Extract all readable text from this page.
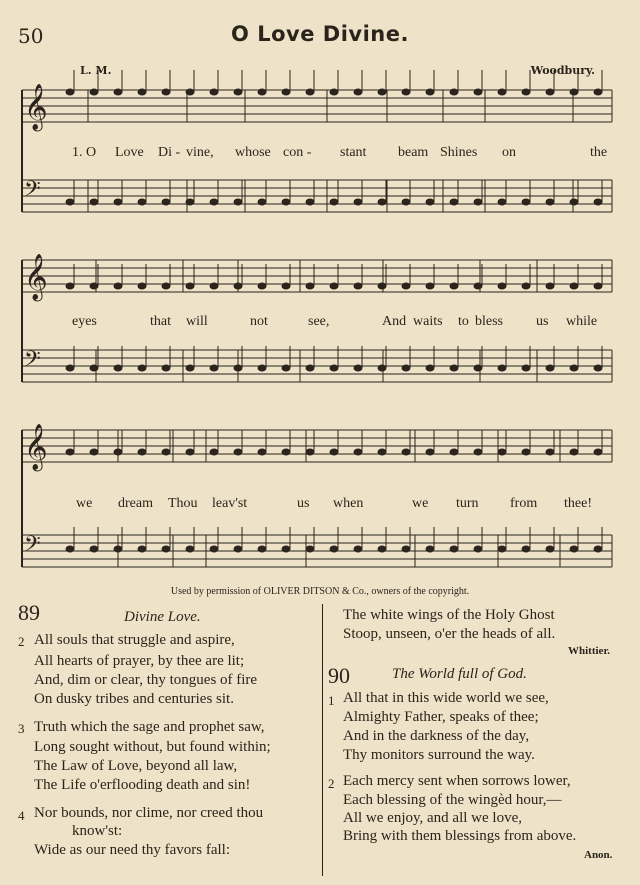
50	O Love Divine.
L. M.	Woodbury.
𝄞
𝄢
𝄞
𝄢
𝄞
𝄢
1. O Love Di - vine, whose con - stant beam Shines on	the
eyes	that will	not	see,	And waits to bless us while
we dream Thou leav'st	us when	we turn from thee!
Used by permission of OLIVER DITSON & Co., owners of the copyright.
89	Divine Love.
2 All souls that struggle and aspire,
All hearts of prayer, by thee are lit;
And, dim or clear, thy tongues of fire
On dusky tribes and centuries sit.
3 Truth which the sage and prophet saw,
Long sought without, but found within;
The Law of Love, beyond all law,
The Life o'erflooding death and sin!
4 Nor bounds, nor clime, nor creed thou
know'st:
Wide as our need thy favors fall:
The white wings of the Holy Ghost
Stoop, unseen, o'er the heads of all.
Whittier.
90	The World full of God.
1 All that in this wide world we see,
Almighty Father, speaks of thee;
And in the darkness of the day,
Thy monitors surround the way.
2 Each mercy sent when sorrows lower,
Each blessing of the wingèd hour,—
All we enjoy, and all we love,
Bring with them blessings from above.
Anon.
